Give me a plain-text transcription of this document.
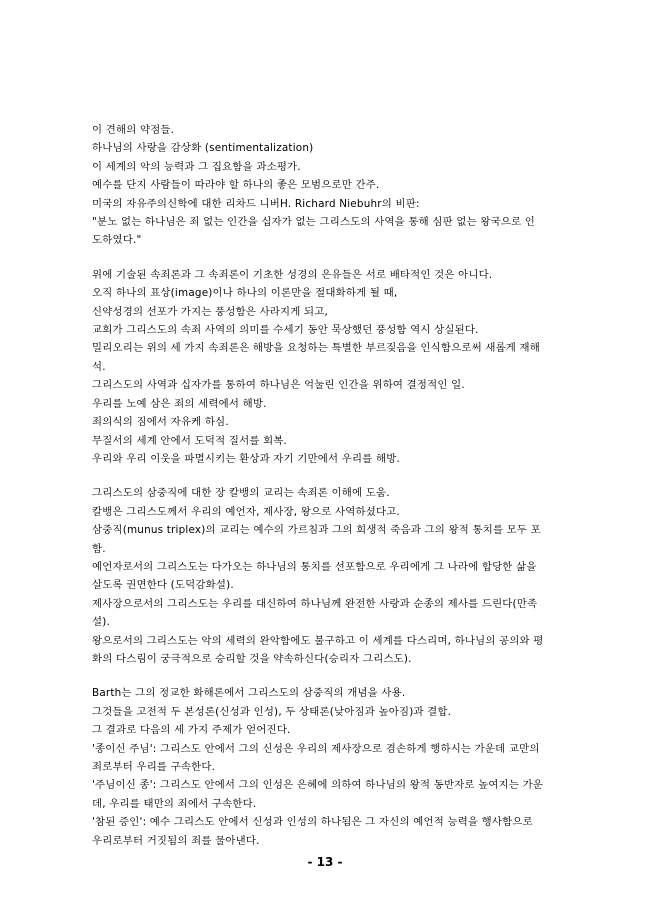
이 견해의 약점들.
하나님의 사랑을 감상화 (sentimentalization)
이 세계의 악의 능력과 그 집요함을 과소평가.
예수를 단지 사람들이 따라야 할 하나의 좋은 모범으로만 간주.
미국의 자유주의신학에 대한 리차드 니버H. Richard Niebuhr의 비판:
"분노 없는 하나님은 죄 없는 인간을 십자가 없는 그리스도의 사역을 통해 심판 없는 왕국으로 인
도하였다."
위에 기술된 속죄론과 그 속죄론이 기초한 성경의 은유들은 서로 배타적인 것은 아니다.
오직 하나의 표상(image)이나 하나의 이론만을 절대화하게 될 때,
신약성경의 선포가 가지는 풍성함은 사라지게 되고,
교회가 그리스도의 속죄 사역의 의미를 수세기 동안 묵상했던 풍성함 역시 상실된다.
밀리오리는 위의 세 가지 속죄론은 해방을 요청하는 특별한 부르짖음을 인식함으로써 새롭게 재해
석.
그리스도의 사역과 십자가를 통하여 하나님은 억눌린 인간을 위하여 결정적인 일.
우리를 노예 삼은 죄의 세력에서 해방.
죄의식의 짐에서 자유케 하심.
무질서의 세계 안에서 도덕적 질서를 회복.
우리와 우리 이웃을 파멸시키는 환상과 자기 기만에서 우리를 해방.
그리스도의 삼중직에 대한 장 칼뱅의 교리는 속죄론 이해에 도움.
칼뱅은 그리스도께서 우리의 예언자, 제사장, 왕으로 사역하셨다고.
삼중직(munus triplex)의 교리는 예수의 가르침과 그의 희생적 죽음과 그의 왕적 통치를 모두 포
함.
예언자로서의 그리스도는 다가오는 하나님의 통치를 선포함으로 우리에게 그 나라에 합당한 삶을
살도록 권면한다 (도덕감화설).
제사장으로서의 그리스도는 우리를 대신하여 하나님께 완전한 사랑과 순종의 제사를 드린다(만족
설).
왕으로서의 그리스도는 악의 세력의 완악함에도 불구하고 이 세계를 다스리며, 하나님의 공의와 평
화의 다스림이 궁극적으로 승리할 것을 약속하신다(승리자 그리스도).
Barth는 그의 정교한 화해론에서 그리스도의 삼중직의 개념을 사용.
그것들을 고전적 두 본성론(신성과 인성), 두 상태론(낮아짐과 높아짐)과 결합.
그 결과로 다음의 세 가지 주제가 얻어진다.
'종이신 주님': 그리스도 안에서 그의 신성은 우리의 제사장으로 겸손하게 행하시는 가운데 교만의
죄로부터 우리를 구속한다.
'주님이신 종': 그리스도 안에서 그의 인성은 은혜에 의하여 하나님의 왕적 동반자로 높여지는 가운
데, 우리를 태만의 죄에서 구속한다.
'참된 증인': 예수 그리스도 안에서 신성과 인성의 하나됨은 그 자신의 예언적 능력을 행사함으로
우리로부터 거짓됨의 죄를 물아낸다.
- 13 -
